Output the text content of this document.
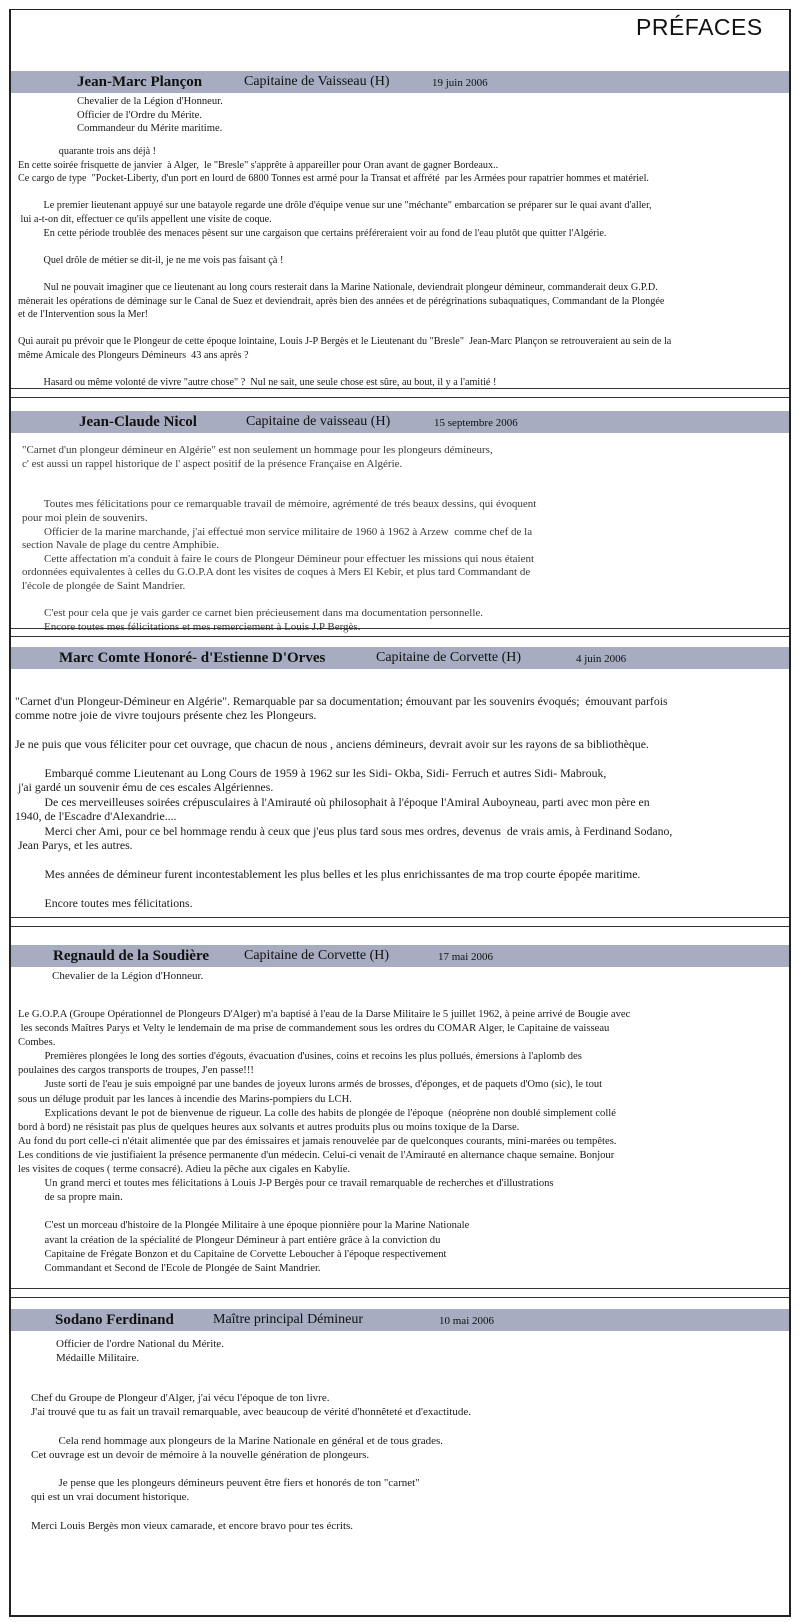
PRÉFACES
Jean-Marc Plançon	Capitaine de Vaisseau (H)	19 juin 2006
Chevalier de la Légion d'Honneur.
Officier de l'Ordre du Mérite.
Commandeur du Mérite maritime.
quarante trois ans déjà !
En cette soirée frisquette de janvier  à Alger,  le "Bresle" s'apprête à appareiller pour Oran avant de gagner Bordeaux..
Ce cargo de type  "Pocket-Liberty, d'un port en lourd de 6800 Tonnes est armé pour la Transat et affrété  par les Armées pour rapatrier hommes et matériel.

Le premier lieutenant appuyé sur une batayole regarde une drôle d'équipe venue sur une "méchante" embarcation se préparer sur le quai avant d'aller,
lui a-t-on dit, effectuer ce qu'ils appellent une visite de coque.
En cette période troublée des menaces pèsent sur une cargaison que certains préféreraient voir au fond de l'eau plutôt que quitter l'Algérie.

Quel drôle de métier se dit-il, je ne me vois pas faisant çà !

Nul ne pouvait imaginer que ce lieutenant au long cours resterait dans la Marine Nationale, deviendrait plongeur démineur, commanderait deux G.P.D.
mènerait les opérations de déminage sur le Canal de Suez et deviendrait, après bien des années et de pérégrinations subaquatiques, Commandant de la Plongée
et de l'Intervention sous la Mer!

Qui aurait pu prévoir que le Plongeur de cette époque lointaine, Louis J-P Bergès et le Lieutenant du "Bresle"  Jean-Marc Plançon se retrouveraient au sein de la
même Amicale des Plongeurs Démineurs  43 ans après ?

Hasard ou même volonté de vivre "autre chose" ?  Nul ne sait, une seule chose est sûre, au bout, il y a l'amitié !
Jean-Claude Nicol	Capitaine de vaisseau (H)	15 septembre 2006
"Carnet d'un plongeur démineur en Algérie" est non seulement un hommage pour les plongeurs démineurs,
c' est aussi un rappel historique de l' aspect positif de la présence Française en Algérie.

Toutes mes félicitations pour ce remarquable travail de mémoire, agrémenté de trés beaux dessins, qui évoquent
pour moi plein de souvenirs.
Officier de la marine marchande, j'ai effectué mon service militaire de 1960 à 1962 à Arzew  comme chef de la
section Navale de plage du centre Amphibie.
Cette affectation m'a conduit à faire le cours de Plongeur Démineur pour effectuer les missions qui nous étaient
ordonnées equivalentes à celles du G.O.P.A dont les visites de coques à Mers El Kebir, et plus tard Commandant de
l'école de plongée de Saint Mandrier.

C'est pour cela que je vais garder ce carnet bien précieusement dans ma documentation personnelle.
Encore toutes mes félicitations et mes remerciement à Louis J.P Bergès.
Marc Comte Honoré- d'Estienne D'Orves	Capitaine de Corvette (H)	4 juin 2006
"Carnet d'un Plongeur-Démineur en Algérie". Remarquable par sa documentation; émouvant par les souvenirs évoqués;  émouvant parfois
comme notre joie de vivre toujours présente chez les Plongeurs.

Je ne puis que vous féliciter pour cet ouvrage, que chacun de nous , anciens démineurs, devrait avoir sur les rayons de sa bibliothèque.

Embarqué comme Lieutenant au Long Cours de 1959 à 1962 sur les Sidi- Okba, Sidi- Ferruch et autres Sidi- Mabrouk,
j'ai gardé un souvenir ému de ces escales Algériennes.
De ces merveilleuses soirées crépusculaires à l'Amirauté où philosophait à l'époque l'Amiral Auboyneau, parti avec mon père en
1940, de l'Escadre d'Alexandrie....
Merci cher Ami, pour ce bel hommage rendu à ceux que j'eus plus tard sous mes ordres, devenus  de vrais amis, à Ferdinand Sodano,
Jean Parys, et les autres.

Mes années de démineur furent incontestablement les plus belles et les plus enrichissantes de ma trop courte épopée maritime.

Encore toutes mes félicitations.
Regnauld de la Soudière	Capitaine de Corvette (H)	17 mai 2006
Chevalier de la Légion d'Honneur.
Le G.O.P.A (Groupe Opérationnel de Plongeurs D'Alger) m'a baptisé à l'eau de la Darse Militaire le 5 juillet 1962, à peine arrivé de Bougie avec
les seconds Maîtres Parys et Velty le lendemain de ma prise de commandement sous les ordres du COMAR Alger, le Capitaine de vaisseau
Combes.
Premières plongées le long des sorties d'égouts, évacuation d'usines, coins et recoins les plus pollués, émersions à l'aplomb des
poulaines des cargos transports de troupes, J'en passe!!!
Juste sorti de l'eau je suis empoigné par une bandes de joyeux lurons armés de brosses, d'éponges, et de paquets d'Omo (sic), le tout
sous un déluge produit par les lances à incendie des Marins-pompiers du LCH.
Explications devant le pot de bienvenue de rigueur. La colle des habits de plongée de l'époque  (néoprène non doublé simplement collé
bord à bord) ne résistait pas plus de quelques heures aux solvants et autres produits plus ou moins toxique de la Darse.
Au fond du port celle-ci n'était alimentée que par des émissaires et jamais renouvelée par de quelconques courants, mini-marées ou tempêtes.
Les conditions de vie justifiaient la présence permanente d'un médecin. Celui-ci venait de l'Amirauté en alternance chaque semaine. Bonjour
les visites de coques ( terme consacré). Adieu la pêche aux cigales en Kabylie.
Un grand merci et toutes mes félicitations à Louis J-P Bergès pour ce travail remarquable de recherches et d'illustrations
de sa propre main.

C'est un morceau d'histoire de la Plongée Militaire à une époque pionnière pour la Marine Nationale
avant la création de la spécialité de Plongeur Démineur à part entière grâce à la conviction du
Capitaine de Frégate Bonzon et du Capitaine de Corvette Leboucher à l'époque respectivement
Commandant et Second de l'Ecole de Plongée de Saint Mandrier.
Sodano Ferdinand	Maître principal Démineur	10 mai 2006
Officier de l'ordre National du Mérite.
Médaille Militaire.
Chef du Groupe de Plongeur d'Alger, j'ai vécu l'époque de ton livre.
J'ai trouvé que tu as fait un travail remarquable, avec beaucoup de vérité d'honnêteté et d'exactitude.

Cela rend hommage aux plongeurs de la Marine Nationale en général et de tous grades.
Cet ouvrage est un devoir de mémoire à la nouvelle génération de plongeurs.

Je pense que les plongeurs démineurs peuvent être fiers et honorés de ton "carnet"
qui est un vrai document historique.

Merci Louis Bergès mon vieux camarade, et encore bravo pour tes écrits.
